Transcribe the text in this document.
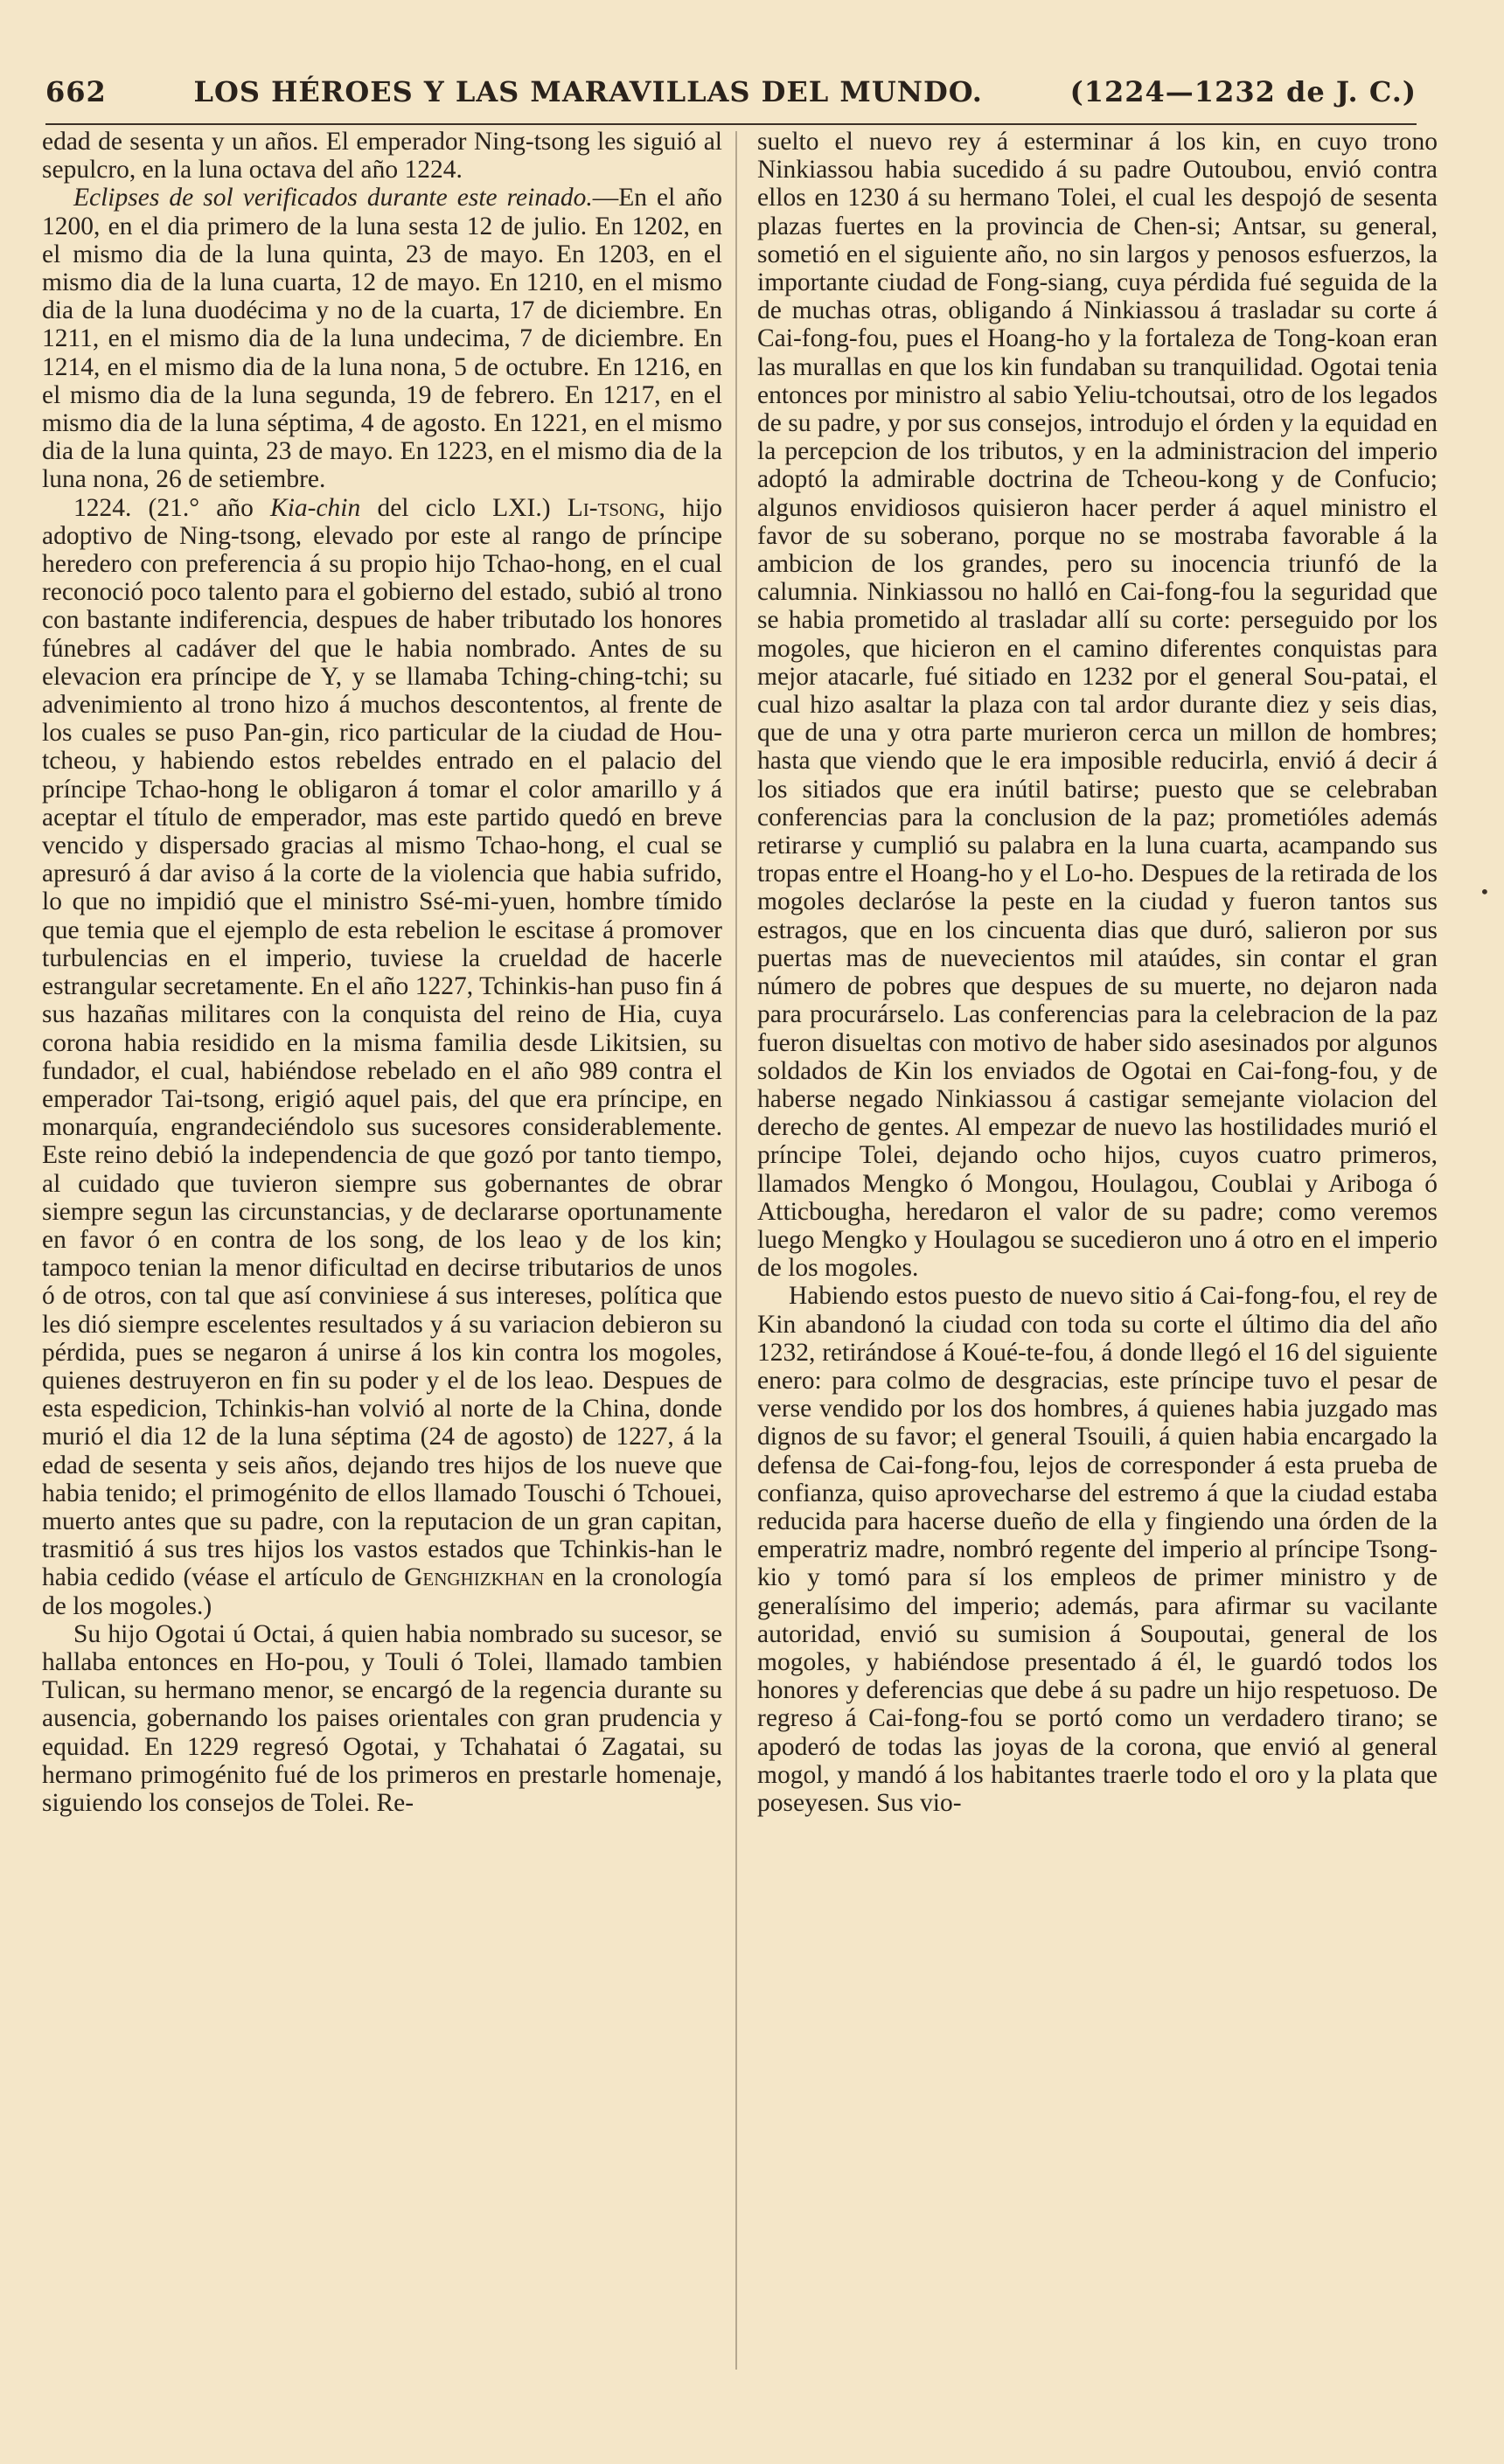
662	LOS HÉROES Y LAS MARAVILLAS DEL MUNDO.	(1224—1232 de J. C.)

edad de sesenta y un años. El emperador Ning-tsong les siguió al sepulcro, en la luna octava del año 1224.

Eclipses de sol verificados durante este reinado.—En el año 1200, en el dia primero de la luna sesta 12 de julio. En 1202, en el mismo dia de la luna quinta, 23 de mayo. En 1203, en el mismo dia de la luna cuarta, 12 de mayo. En 1210, en el mismo dia de la luna duodécima y no de la cuarta, 17 de diciembre. En 1211, en el mismo dia de la luna undecima, 7 de diciembre. En 1214, en el mismo dia de la luna nona, 5 de octubre. En 1216, en el mismo dia de la luna segunda, 19 de febrero. En 1217, en el mismo dia de la luna séptima, 4 de agosto. En 1221, en el mismo dia de la luna quinta, 23 de mayo. En 1223, en el mismo dia de la luna nona, 26 de setiembre.

1224. (21.° año Kia-chin del ciclo LXI.) Li-tsong, hijo adoptivo de Ning-tsong, elevado por este al rango de príncipe heredero con preferencia á su propio hijo Tchao-hong, en el cual reconoció poco talento para el gobierno del estado, subió al trono con bastante indiferencia, despues de haber tributado los honores fúnebres al cadáver del que le habia nombrado. Antes de su elevacion era príncipe de Y, y se llamaba Tching-ching-tchi; su advenimiento al trono hizo á muchos descontentos, al frente de los cuales se puso Pan-gin, rico particular de la ciudad de Hou-tcheou, y habiendo estos rebeldes entrado en el palacio del príncipe Tchao-hong le obligaron á tomar el color amarillo y á aceptar el título de emperador, mas este partido quedó en breve vencido y dispersado gracias al mismo Tchao-hong, el cual se apresuró á dar aviso á la corte de la violencia que habia sufrido, lo que no impidió que el ministro Ssé-mi-yuen, hombre tímido que temia que el ejemplo de esta rebelion le escitase á promover turbulencias en el imperio, tuviese la crueldad de hacerle estrangular secretamente. En el año 1227, Tchinkis-han puso fin á sus hazañas militares con la conquista del reino de Hia, cuya corona habia residido en la misma familia desde Likitsien, su fundador, el cual, habiéndose rebelado en el año 989 contra el emperador Tai-tsong, erigió aquel pais, del que era príncipe, en monarquía, engrandeciéndolo sus sucesores considerablemente. Este reino debió la independencia de que gozó por tanto tiempo, al cuidado que tuvieron siempre sus gobernantes de obrar siempre segun las circunstancias, y de declararse oportunamente en favor ó en contra de los song, de los leao y de los kin; tampoco tenian la menor dificultad en decirse tributarios de unos ó de otros, con tal que así conviniese á sus intereses, política que les dió siempre escelentes resultados y á su variacion debieron su pérdida, pues se negaron á unirse á los kin contra los mogoles, quienes destruyeron en fin su poder y el de los leao. Despues de esta espedicion, Tchinkis-han volvió al norte de la China, donde murió el dia 12 de la luna séptima (24 de agosto) de 1227, á la edad de sesenta y seis años, dejando tres hijos de los nueve que habia tenido; el primogénito de ellos llamado Touschi ó Tchouei, muerto antes que su padre, con la reputacion de un gran capitan, trasmitió á sus tres hijos los vastos estados que Tchinkis-han le habia cedido (véase el artículo de Genghizkhan en la cronología de los mogoles.)

Su hijo Ogotai ú Octai, á quien habia nombrado su sucesor, se hallaba entonces en Ho-pou, y Touli ó Tolei, llamado tambien Tulican, su hermano menor, se encargó de la regencia durante su ausencia, gobernando los paises orientales con gran prudencia y equidad. En 1229 regresó Ogotai, y Tchahatai ó Zagatai, su hermano primogénito fué de los primeros en prestarle homenaje, siguiendo los consejos de Tolei. Re-

suelto el nuevo rey á esterminar á los kin, en cuyo trono Ninkiassou habia sucedido á su padre Outoubou, envió contra ellos en 1230 á su hermano Tolei, el cual les despojó de sesenta plazas fuertes en la provincia de Chen-si; Antsar, su general, sometió en el siguiente año, no sin largos y penosos esfuerzos, la importante ciudad de Fong-siang, cuya pérdida fué seguida de la de muchas otras, obligando á Ninkiassou á trasladar su corte á Cai-fong-fou, pues el Hoang-ho y la fortaleza de Tong-koan eran las murallas en que los kin fundaban su tranquilidad. Ogotai tenia entonces por ministro al sabio Yeliu-tchoutsai, otro de los legados de su padre, y por sus consejos, introdujo el órden y la equidad en la percepcion de los tributos, y en la administracion del imperio adoptó la admirable doctrina de Tcheou-kong y de Confucio; algunos envidiosos quisieron hacer perder á aquel ministro el favor de su soberano, porque no se mostraba favorable á la ambicion de los grandes, pero su inocencia triunfó de la calumnia. Ninkiassou no halló en Cai-fong-fou la seguridad que se habia prometido al trasladar allí su corte: perseguido por los mogoles, que hicieron en el camino diferentes conquistas para mejor atacarle, fué sitiado en 1232 por el general Sou-patai, el cual hizo asaltar la plaza con tal ardor durante diez y seis dias, que de una y otra parte murieron cerca un millon de hombres; hasta que viendo que le era imposible reducirla, envió á decir á los sitiados que era inútil batirse; puesto que se celebraban conferencias para la conclusion de la paz; prometióles además retirarse y cumplió su palabra en la luna cuarta, acampando sus tropas entre el Hoang-ho y el Lo-ho. Despues de la retirada de los mogoles declaróse la peste en la ciudad y fueron tantos sus estragos, que en los cincuenta dias que duró, salieron por sus puertas mas de nuevecientos mil ataúdes, sin contar el gran número de pobres que despues de su muerte, no dejaron nada para procurárselo. Las conferencias para la celebracion de la paz fueron disueltas con motivo de haber sido asesinados por algunos soldados de Kin los enviados de Ogotai en Cai-fong-fou, y de haberse negado Ninkiassou á castigar semejante violacion del derecho de gentes. Al empezar de nuevo las hostilidades murió el príncipe Tolei, dejando ocho hijos, cuyos cuatro primeros, llamados Mengko ó Mongou, Houlagou, Coublai y Ariboga ó Atticbougha, heredaron el valor de su padre; como veremos luego Mengko y Houlagou se sucedieron uno á otro en el imperio de los mogoles.

Habiendo estos puesto de nuevo sitio á Cai-fong-fou, el rey de Kin abandonó la ciudad con toda su corte el último dia del año 1232, retirándose á Koué-te-fou, á donde llegó el 16 del siguiente enero: para colmo de desgracias, este príncipe tuvo el pesar de verse vendido por los dos hombres, á quienes habia juzgado mas dignos de su favor; el general Tsouili, á quien habia encargado la defensa de Cai-fong-fou, lejos de corresponder á esta prueba de confianza, quiso aprovecharse del estremo á que la ciudad estaba reducida para hacerse dueño de ella y fingiendo una órden de la emperatriz madre, nombró regente del imperio al príncipe Tsong-kio y tomó para sí los empleos de primer ministro y de generalísimo del imperio; además, para afirmar su vacilante autoridad, envió su sumision á Soupoutai, general de los mogoles, y habiéndose presentado á él, le guardó todos los honores y deferencias que debe á su padre un hijo respetuoso. De regreso á Cai-fong-fou se portó como un verdadero tirano; se apoderó de todas las joyas de la corona, que envió al general mogol, y mandó á los habitantes traerle todo el oro y la plata que poseyesen. Sus vio-

•
